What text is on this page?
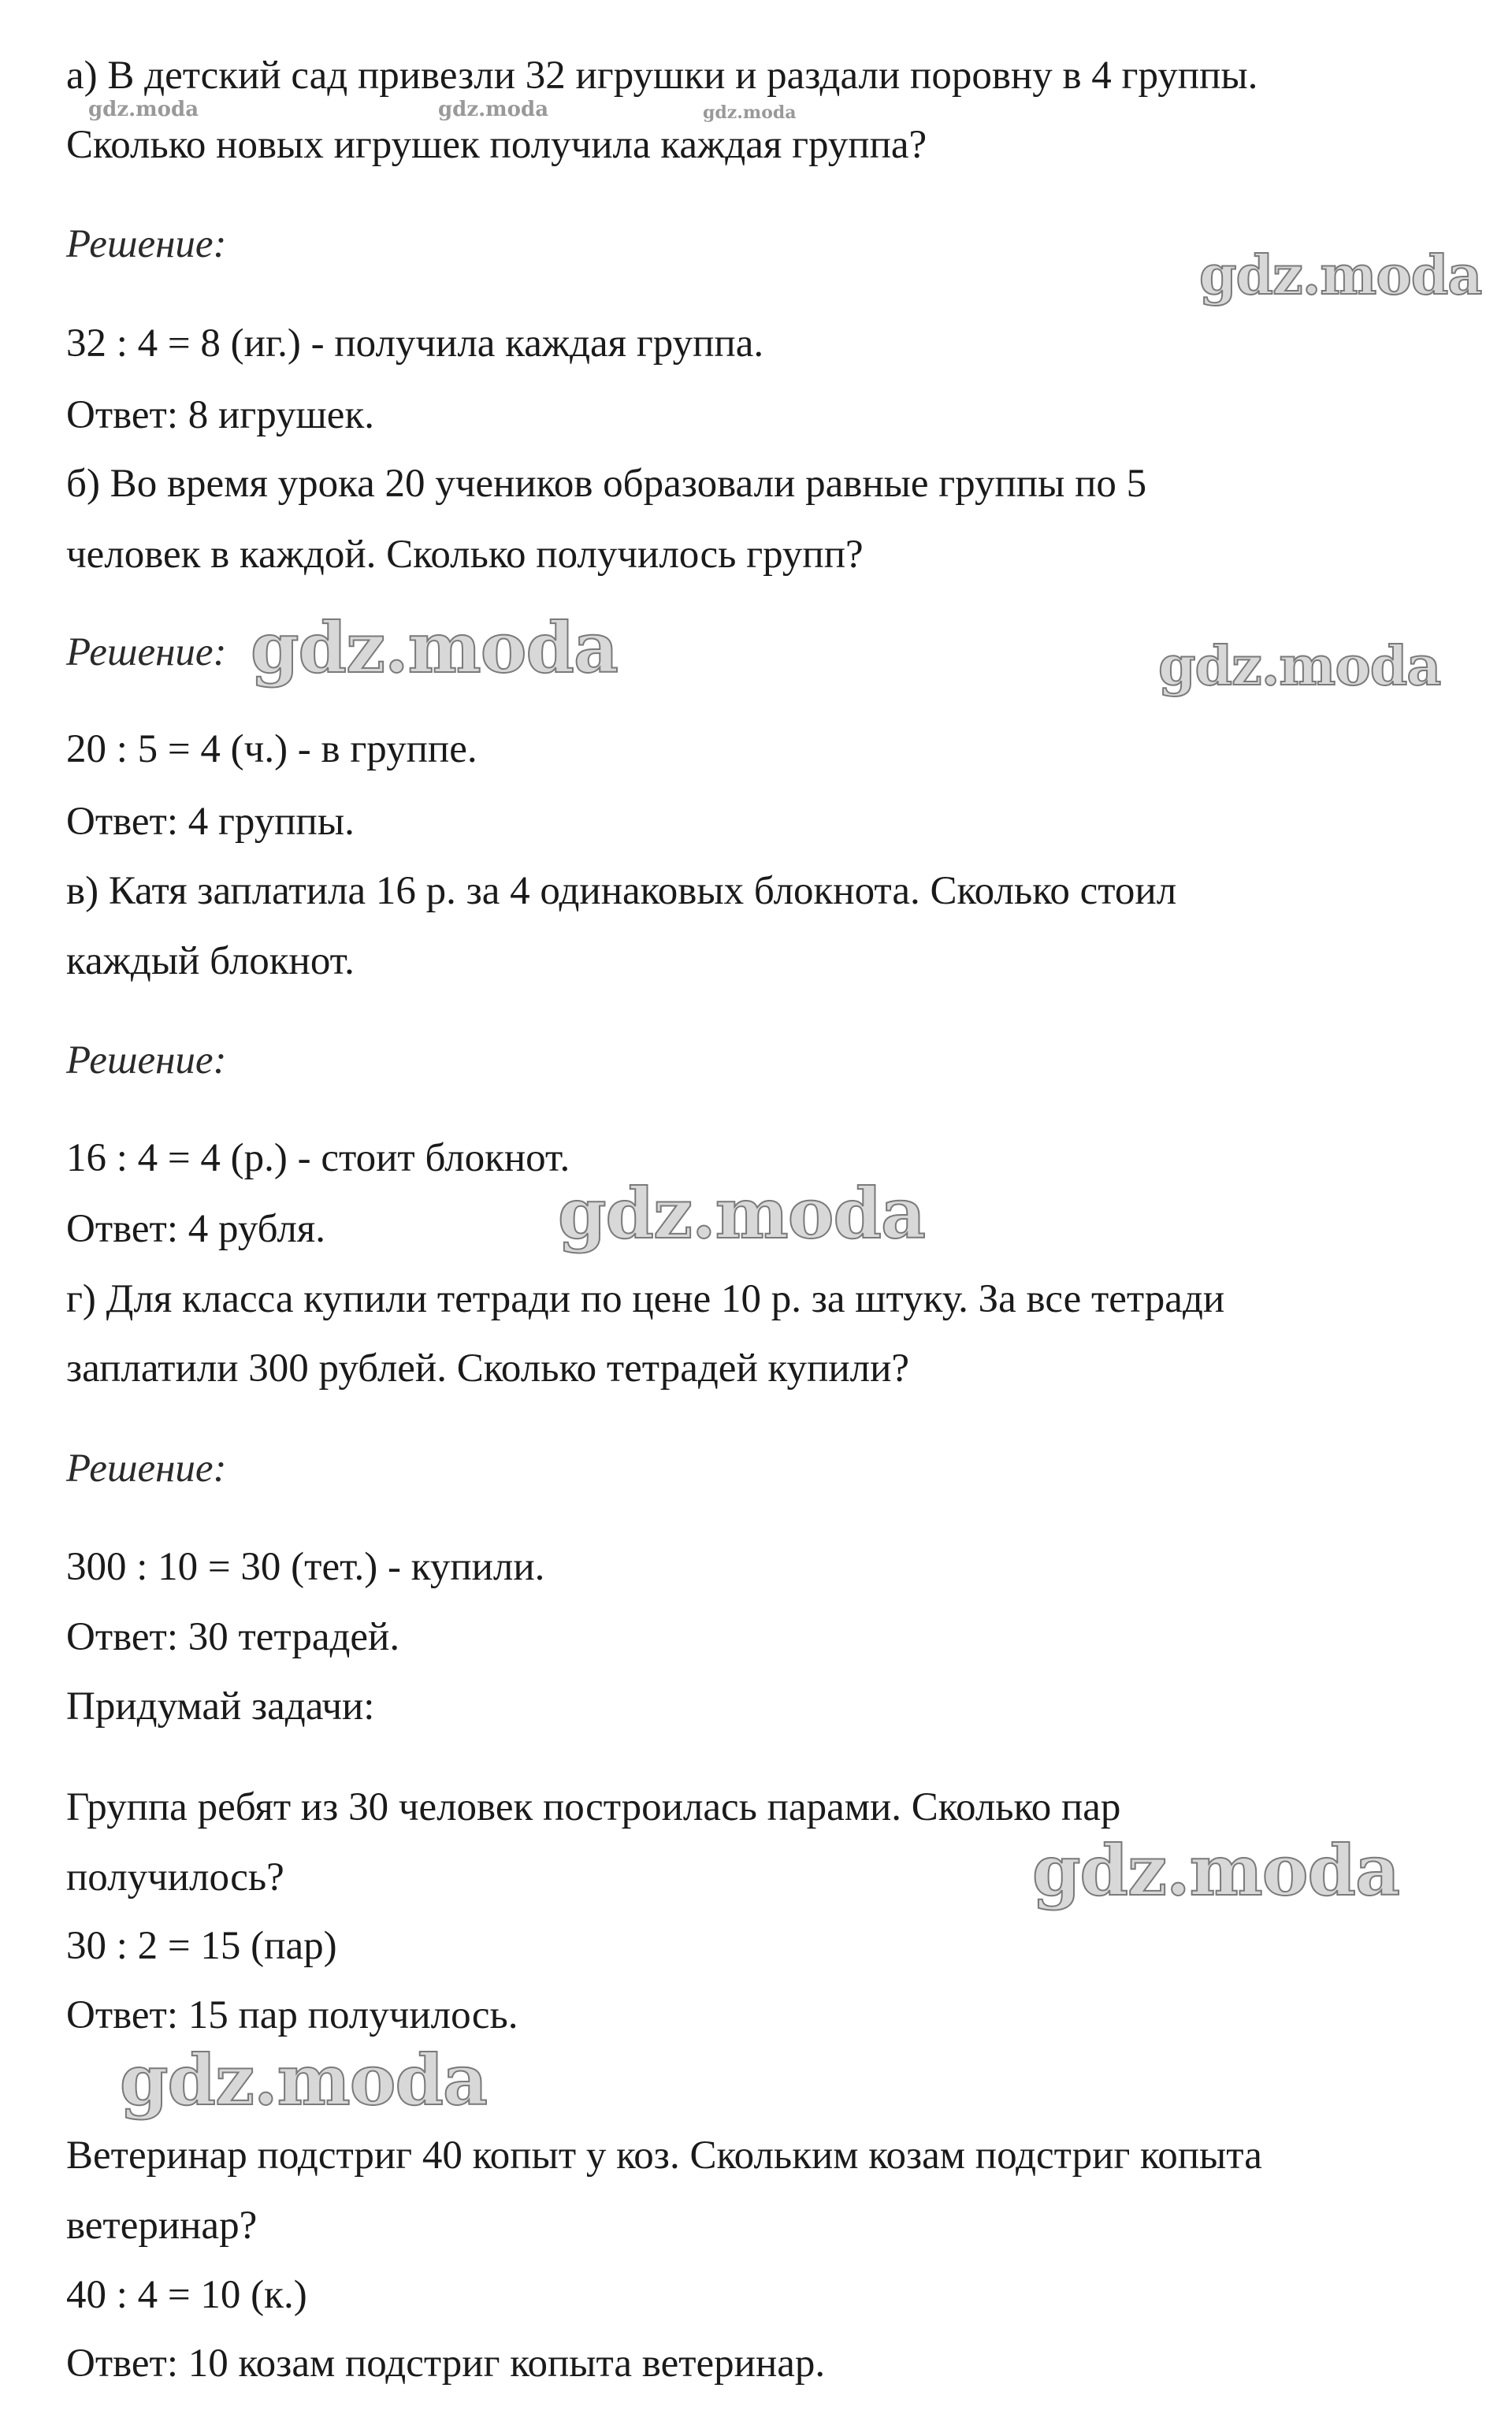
а) В детский сад привезли 32 игрушки и раздали поровну в 4 группы.
Сколько новых игрушек получила каждая группа?
Решение:
32 : 4 = 8 (иг.) - получила каждая группа.
Ответ: 8 игрушек.
б) Во время урока 20 учеников образовали равные группы по 5
человек в каждой. Сколько получилось групп?
Решение:
20 : 5 = 4 (ч.) - в группе.
Ответ: 4 группы.
в) Катя заплатила 16 р. за 4 одинаковых блокнота. Сколько стоил
каждый блокнот.
Решение:
16 : 4 = 4 (р.) - стоит блокнот.
Ответ: 4 рубля.
г) Для класса купили тетради по цене 10 р. за штуку. За все тетради
заплатили 300 рублей. Сколько тетрадей купили?
Решение:
300 : 10 = 30 (тет.) - купили.
Ответ: 30 тетрадей.
Придумай задачи:
Группа ребят из 30 человек построилась парами. Сколько пар
получилось?
30 : 2 = 15 (пар)
Ответ: 15 пар получилось.
Ветеринар подстриг 40 копыт у коз. Скольким козам подстриг копыта
ветеринар?
40 : 4 = 10 (к.)
Ответ: 10 козам подстриг копыта ветеринар.
gdz.moda	gdz.moda	gdz.moda
gdz.moda
gdz.moda	gdz.moda
gdz.moda
gdz.moda
gdz.moda
